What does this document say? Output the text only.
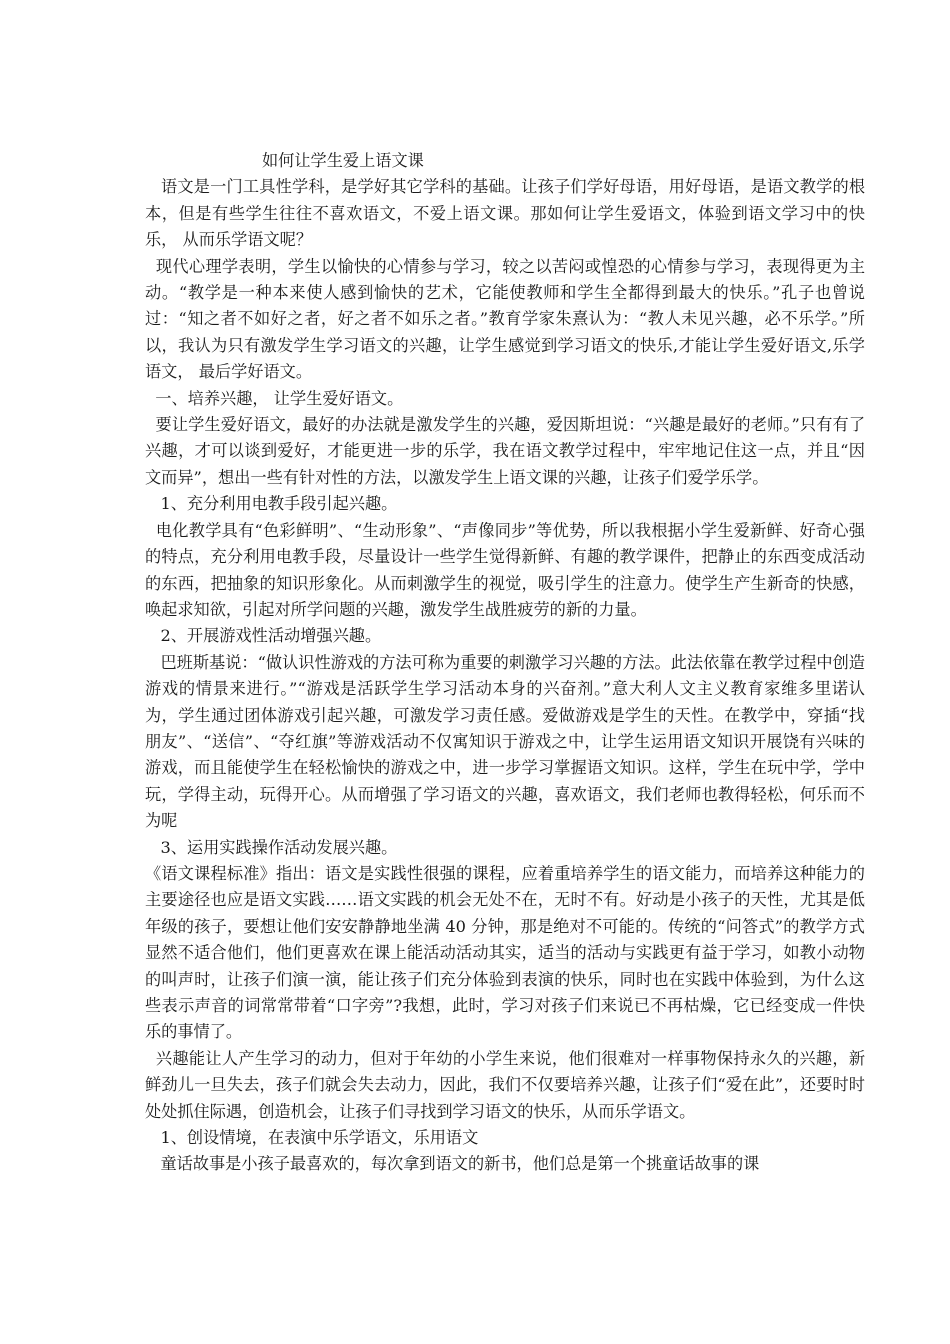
如何让学生爱上语文课

语文是一门工具性学科，是学好其它学科的基础。让孩子们学好母语，用好母语，是语文教学的根本，但是有些学生往往不喜欢语文，不爱上语文课。那如何让学生爱语文，体验到语文学习中的快乐， 从而乐学语文呢？

现代心理学表明，学生以愉快的心情参与学习，较之以苦闷或惶恐的心情参与学习，表现得更为主动。“教学是一种本来使人感到愉快的艺术，它能使教师和学生全都得到最大的快乐。”孔子也曾说过：“知之者不如好之者，好之者不如乐之者。”教育学家朱熹认为：“教人未见兴趣，必不乐学。”所以，我认为只有激发学生学习语文的兴趣，让学生感觉到学习语文的快乐,才能让学生爱好语文,乐学语文， 最后学好语文。

一、培养兴趣， 让学生爱好语文。

要让学生爱好语文，最好的办法就是激发学生的兴趣，爱因斯坦说：“兴趣是最好的老师。”只有有了兴趣，才可以谈到爱好，才能更进一步的乐学，我在语文教学过程中，牢牢地记住这一点，并且“因文而异”，想出一些有针对性的方法，以激发学生上语文课的兴趣，让孩子们爱学乐学。

1、充分利用电教手段引起兴趣。

电化教学具有“色彩鲜明”、“生动形象”、“声像同步”等优势，所以我根据小学生爱新鲜、好奇心强的特点，充分利用电教手段，尽量设计一些学生觉得新鲜、有趣的教学课件，把静止的东西变成活动的东西，把抽象的知识形象化。从而刺激学生的视觉，吸引学生的注意力。使学生产生新奇的快感，唤起求知欲，引起对所学问题的兴趣，激发学生战胜疲劳的新的力量。

2、开展游戏性活动增强兴趣。

巴班斯基说：“做认识性游戏的方法可称为重要的刺激学习兴趣的方法。此法依靠在教学过程中创造游戏的情景来进行。”“游戏是活跃学生学习活动本身的兴奋剂。”意大利人文主义教育家维多里诺认为，学生通过团体游戏引起兴趣，可激发学习责任感。爱做游戏是学生的天性。在教学中，穿插“找朋友”、“送信”、“夺红旗”等游戏活动不仅寓知识于游戏之中，让学生运用语文知识开展饶有兴味的游戏，而且能使学生在轻松愉快的游戏之中，进一步学习掌握语文知识。这样，学生在玩中学，学中玩，学得主动，玩得开心。从而增强了学习语文的兴趣，喜欢语文，我们老师也教得轻松，何乐而不为呢

3、运用实践操作活动发展兴趣。

《语文课程标准》指出：语文是实践性很强的课程，应着重培养学生的语文能力，而培养这种能力的主要途径也应是语文实践……语文实践的机会无处不在，无时不有。好动是小孩子的天性，尤其是低年级的孩子，要想让他们安安静静地坐满 40 分钟，那是绝对不可能的。传统的“问答式”的教学方式显然不适合他们，他们更喜欢在课上能活动活动其实，适当的活动与实践更有益于学习，如教小动物的叫声时，让孩子们演一演，能让孩子们充分体验到表演的快乐，同时也在实践中体验到，为什么这些表示声音的词常常带着“口字旁”?我想，此时，学习对孩子们来说已不再枯燥，它已经变成一件快乐的事情了。

兴趣能让人产生学习的动力，但对于年幼的小学生来说，他们很难对一样事物保持永久的兴趣，新鲜劲儿一旦失去，孩子们就会失去动力，因此，我们不仅要培养兴趣，让孩子们“爱在此”，还要时时处处抓住际遇，创造机会，让孩子们寻找到学习语文的快乐，从而乐学语文。

1、创设情境，在表演中乐学语文，乐用语文

童话故事是小孩子最喜欢的，每次拿到语文的新书，他们总是第一个挑童话故事的课
